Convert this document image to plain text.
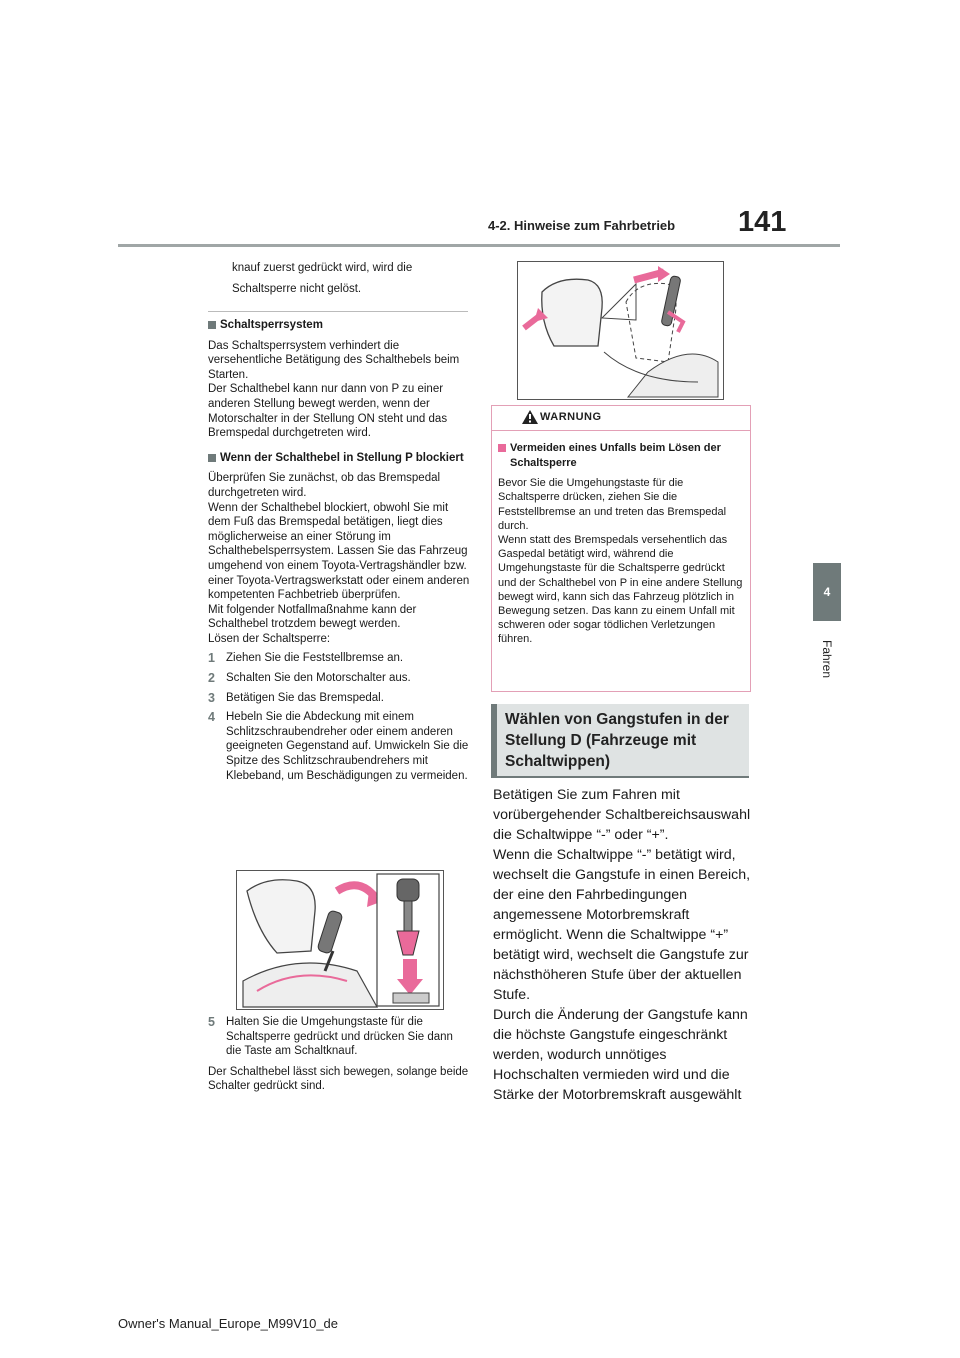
4-2. Hinweise zum Fahrbetrieb 141
4
Fahren
knauf zuerst gedrückt wird, wird die Schaltsperre nicht gelöst.
Schaltsperrsystem

Das Schaltsperrsystem verhindert die versehentliche Betätigung des Schalthebels beim Starten.

Der Schalthebel kann nur dann von P zu einer anderen Stellung bewegt werden, wenn der Motorschalter in der Stellung ON steht und das Bremspedal durchgetreten wird.

Wenn der Schalthebel in Stellung P blockiert

Überprüfen Sie zunächst, ob das Bremspedal durchgetreten wird.

Wenn der Schalthebel blockiert, obwohl Sie mit dem Fuß das Bremspedal betätigen, liegt dies möglicherweise an einer Störung im Schalthebelsperrsystem. Lassen Sie das Fahrzeug umgehend von einem Toyota-Vertragshändler bzw. einer Toyota-Vertragswerkstatt oder einem anderen kompetenten Fachbetrieb überprüfen.

Mit folgender Notfallmaßnahme kann der Schalthebel trotzdem bewegt werden.

Lösen der Schaltsperre:

1 Ziehen Sie die Feststellbremse an.
2 Schalten Sie den Motorschalter aus.
3 Betätigen Sie das Bremspedal.
4 Hebeln Sie die Abdeckung mit einem Schlitzschraubendreher oder einem anderen geeigneten Gegenstand auf. Umwickeln Sie die Spitze des Schlitzschraubendrehers mit Klebeband, um Beschädigungen zu vermeiden.
5 Halten Sie die Umgehungstaste für die Schaltsperre gedrückt und drücken Sie dann die Taste am Schaltknauf.

Der Schalthebel lässt sich bewegen, solange beide Schalter gedrückt sind.

WARNUNG
Vermeiden eines Unfalls beim Lösen der Schaltsperre

Bevor Sie die Umgehungstaste für die Schaltsperre drücken, ziehen Sie die Feststellbremse an und treten das Bremspedal durch.

Wenn statt des Bremspedals versehentlich das Gaspedal betätigt wird, während die Umgehungstaste für die Schaltsperre gedrückt und der Schalthebel von P in eine andere Stellung bewegt wird, kann sich das Fahrzeug plötzlich in Bewegung setzen. Das kann zu einem Unfall mit schweren oder sogar tödlichen Verletzungen führen.

Wählen von Gangstufen in der Stellung D (Fahrzeuge mit Schaltwippen)

Betätigen Sie zum Fahren mit vorübergehender Schaltbereichsauswahl die Schaltwippe “-” oder “+”.

Wenn die Schaltwippe “-” betätigt wird, wechselt die Gangstufe in einen Bereich, der eine den Fahrbedingungen angemessene Motorbremskraft ermöglicht. Wenn die Schaltwippe “+” betätigt wird, wechselt die Gangstufe zur nächsthöheren Stufe über der aktuellen Stufe.

Durch die Änderung der Gangstufe kann die höchste Gangstufe eingeschränkt werden, wodurch unnötiges Hochschalten vermieden wird und die Stärke der Motorbremskraft ausgewählt

Owner's Manual_Europe_M99V10_de
